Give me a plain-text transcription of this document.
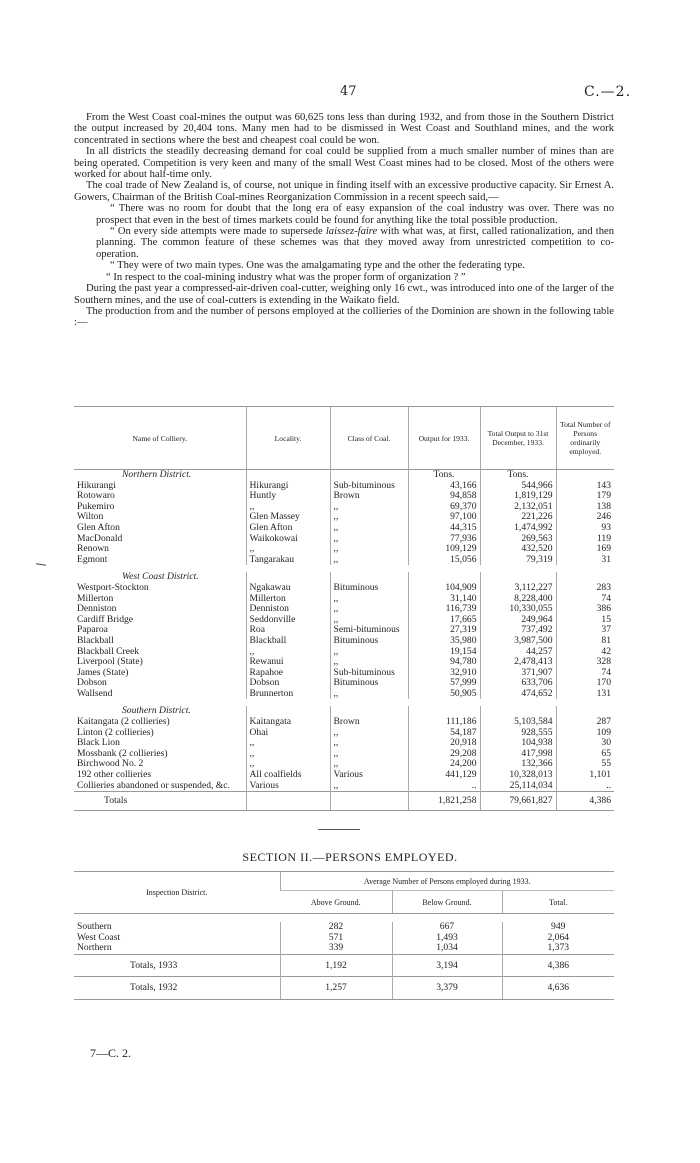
47	C.—2.

From the West Coast coal-mines the output was 60,625 tons less than during 1932, and from those in the Southern District the output increased by 20,404 tons. Many men had to be dismissed in West Coast and Southland mines, and the work concentrated in sections where the best and cheapest coal could be won.

In all districts the steadily decreasing demand for coal could be supplied from a much smaller number of mines than are being operated. Competition is very keen and many of the small West Coast mines had to be closed. Most of the others were worked for about half-time only.

The coal trade of New Zealand is, of course, not unique in finding itself with an excessive productive capacity. Sir Ernest A. Gowers, Chairman of the British Coal-mines Reorganization Commission in a recent speech said,—

“ There was no room for doubt that the long era of easy expansion of the coal industry was over. There was no prospect that even in the best of times markets could be found for anything like the total possible production.

“ On every side attempts were made to supersede laissez-faire with what was, at first, called rationalization, and then planning. The common feature of these schemes was that they moved away from unrestricted competition to co-operation.

“ They were of two main types. One was the amalgamating type and the other the federating type.

“ In respect to the coal-mining industry what was the proper form of organization ? ”

During the past year a compressed-air-driven coal-cutter, weighing only 16 cwt., was introduced into one of the larger of the Southern mines, and the use of coal-cutters is extending in the Waikato field.

The production from and the number of persons employed at the collieries of the Dominion are shown in the following table :—

Name of Colliery.	Locality.	Class of Coal.	Output for 1933.	Total Output to 31st December, 1933.	Total Number of Persons ordinarily employed.
Northern District.			Tons.	Tons.	
Hikurangi	Hikurangi	Sub-bituminous	43,166	544,966	143
Rotowaro	Huntly	Brown	94,858	1,819,129	179
Pukemiro	,,	,,	69,370	2,132,051	138
Wilton	Glen Massey	,,	97,100	221,226	246
Glen Afton	Glen Afton	,,	44,315	1,474,992	93
MacDonald	Waikokowai	,,	77,936	269,563	119
Renown	,,	,,	109,129	432,520	169
Egmont	Tangarakau	,,	15,056	79,319	31

West Coast District.					
Westport-Stockton	Ngakawau	Bituminous	104,909	3,112,227	283
Millerton	Millerton	,,	31,140	8,228,400	74
Denniston	Denniston	,,	116,739	10,330,055	386
Cardiff Bridge	Seddonville	,,	17,665	249,964	15
Paparoa	Roa	Semi-bituminous	27,319	737,492	37
Blackball	Blackball	Bituminous	35,980	3,987,500	81
Blackball Creek	,,	,,	19,154	44,257	42
Liverpool (State)	Rewanui	,,	94,780	2,478,413	328
James (State)	Rapahoe	Sub-bituminous	32,910	371,907	74
Dobson	Dobson	Bituminous	57,999	633,706	170
Wallsend	Brunnerton	,,	50,905	474,652	131

Southern District.					
Kaitangata (2 collieries)	Kaitangata	Brown	111,186	5,103,584	287
Linton (2 collieries)	Ohai	,,	54,187	928,555	109
Black Lion	,,	,,	20,918	104,938	30
Mossbank (2 collieries)	,,	,,	29,208	417,998	65
Birchwood No. 2	,,	,,	24,200	132,366	55
192 other collieries	All coalfields	Various	441,129	10,328,013	1,101
Collieries abandoned or suspended, &c.	Various	,,	..	25,114,034	..
Totals			1,821,258	79,661,827	4,386
SECTION II.—PERSONS EMPLOYED.
Inspection District.	Average Number of Persons employed during 1933.		
	Above Ground.	Below Ground.	Total.

Southern	282	667	949
West Coast	571	1,493	2,064
Northern	339	1,034	1,373
Totals, 1933	1,192	3,194	4,386
Totals, 1932	1,257	3,379	4,636
7—C. 2.
